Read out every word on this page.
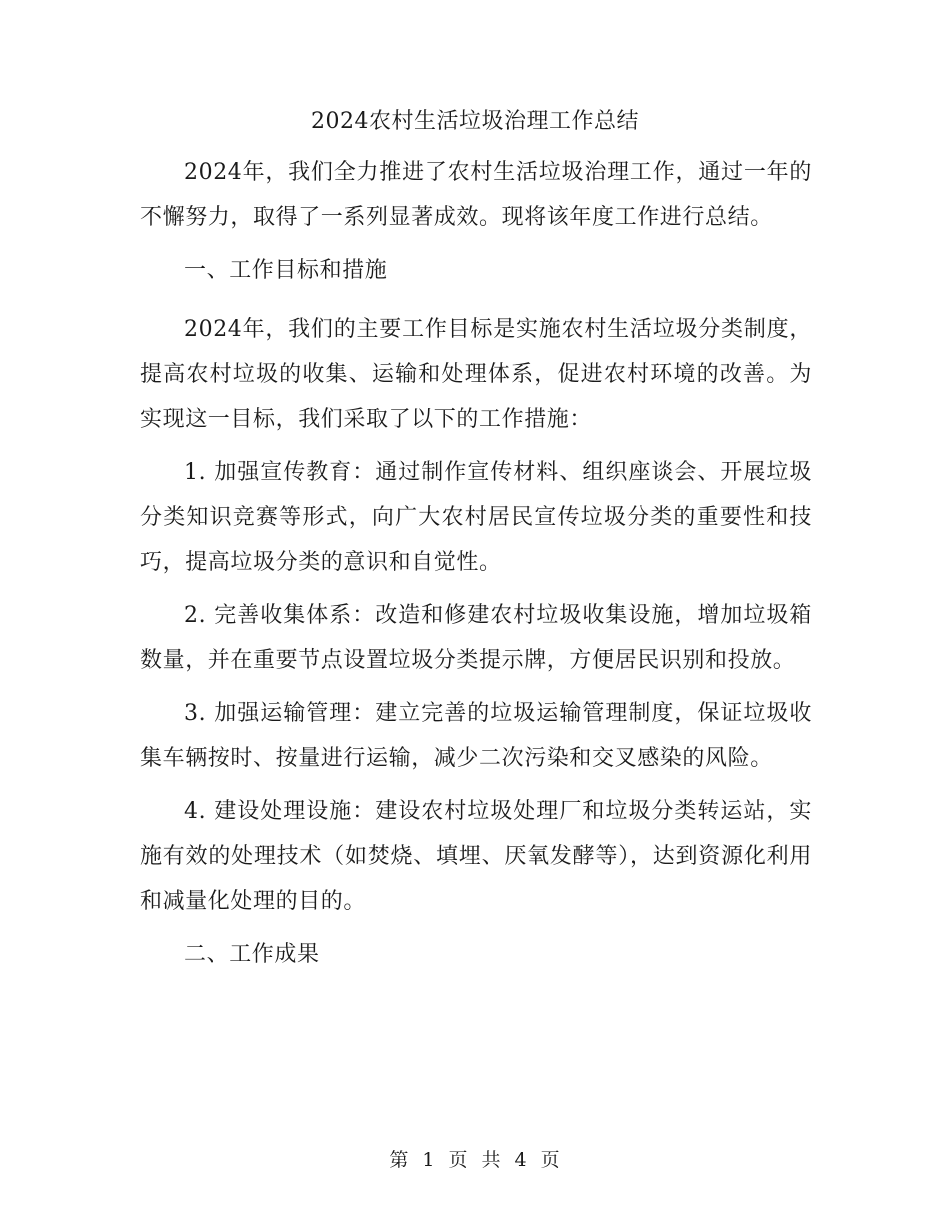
2024农村生活垃圾治理工作总结

2024年，我们全力推进了农村生活垃圾治理工作，通过一年的不懈努力，取得了一系列显著成效。现将该年度工作进行总结。

一、工作目标和措施

2024年，我们的主要工作目标是实施农村生活垃圾分类制度，提高农村垃圾的收集、运输和处理体系，促进农村环境的改善。为实现这一目标，我们采取了以下的工作措施：

1. 加强宣传教育：通过制作宣传材料、组织座谈会、开展垃圾分类知识竞赛等形式，向广大农村居民宣传垃圾分类的重要性和技巧，提高垃圾分类的意识和自觉性。

2. 完善收集体系：改造和修建农村垃圾收集设施，增加垃圾箱数量，并在重要节点设置垃圾分类提示牌，方便居民识别和投放。

3. 加强运输管理：建立完善的垃圾运输管理制度，保证垃圾收集车辆按时、按量进行运输，减少二次污染和交叉感染的风险。

4. 建设处理设施：建设农村垃圾处理厂和垃圾分类转运站，实施有效的处理技术（如焚烧、填埋、厌氧发酵等），达到资源化利用和减量化处理的目的。

二、工作成果

第 1 页 共 4 页
